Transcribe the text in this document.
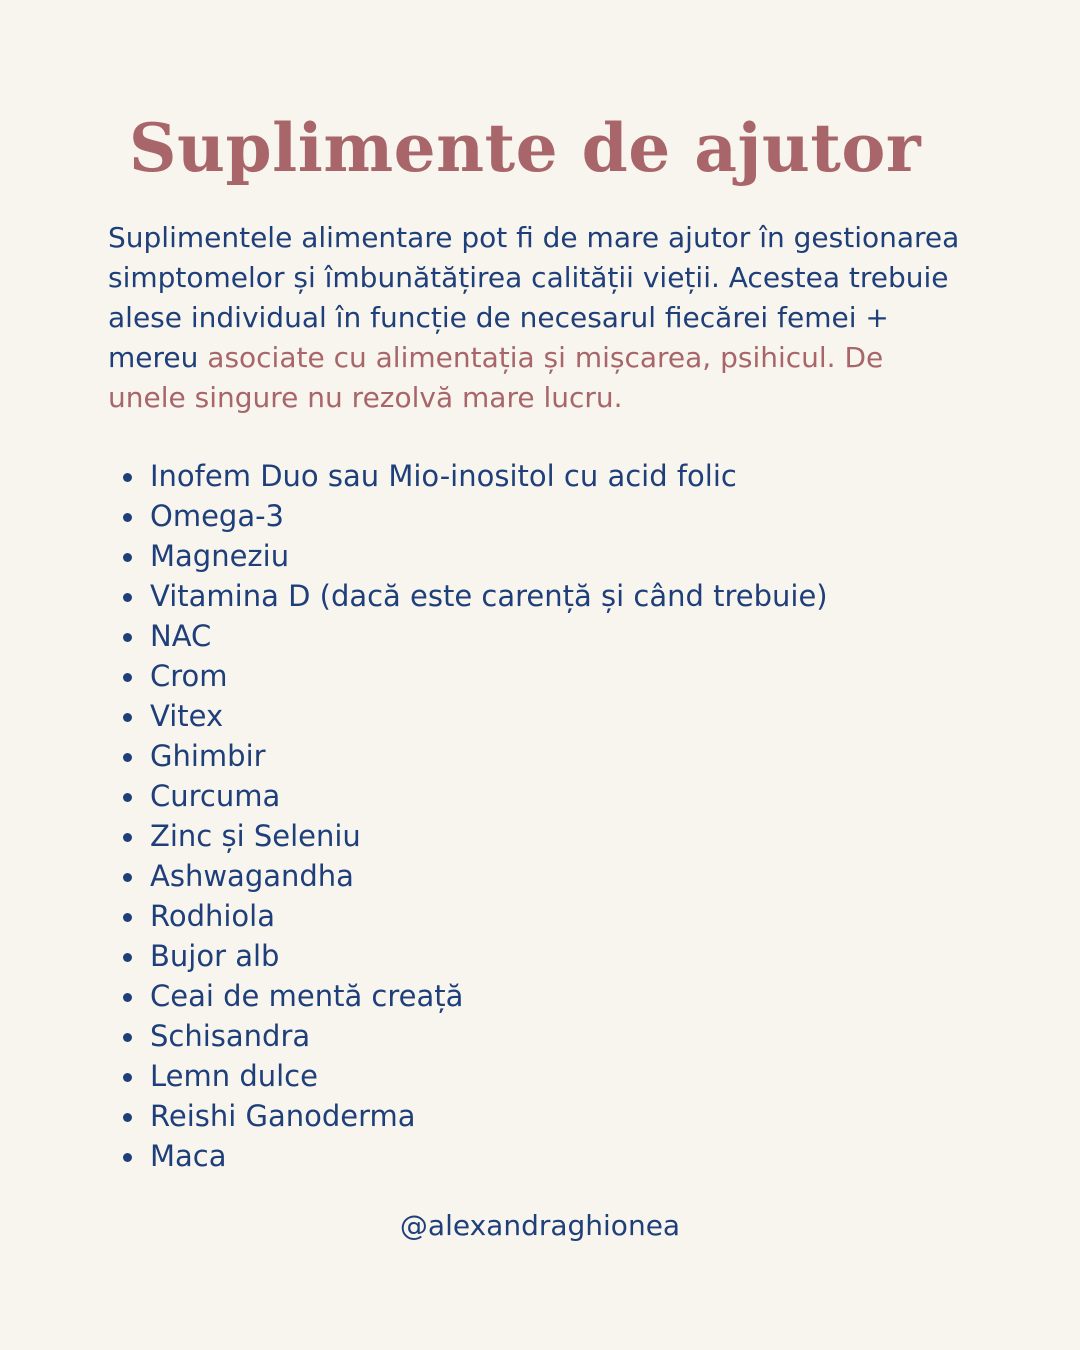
Suplimente de ajutor

Suplimentele alimentare pot fi de mare ajutor în gestionarea simptomelor și îmbunătățirea calității vieții. Acestea trebuie alese individual în funcție de necesarul fiecărei femei + mereu asociate cu alimentația și mișcarea, psihicul. De unele singure nu rezolvă mare lucru.

Inofem Duo sau Mio-inositol cu acid folic
Omega-3
Magneziu
Vitamina D (dacă este carență și când trebuie)
NAC
Crom
Vitex
Ghimbir
Curcuma
Zinc și Seleniu
Ashwagandha
Rodhiola
Bujor alb
Ceai de mentă creață
Schisandra
Lemn dulce
Reishi Ganoderma
Maca

@alexandraghionea
